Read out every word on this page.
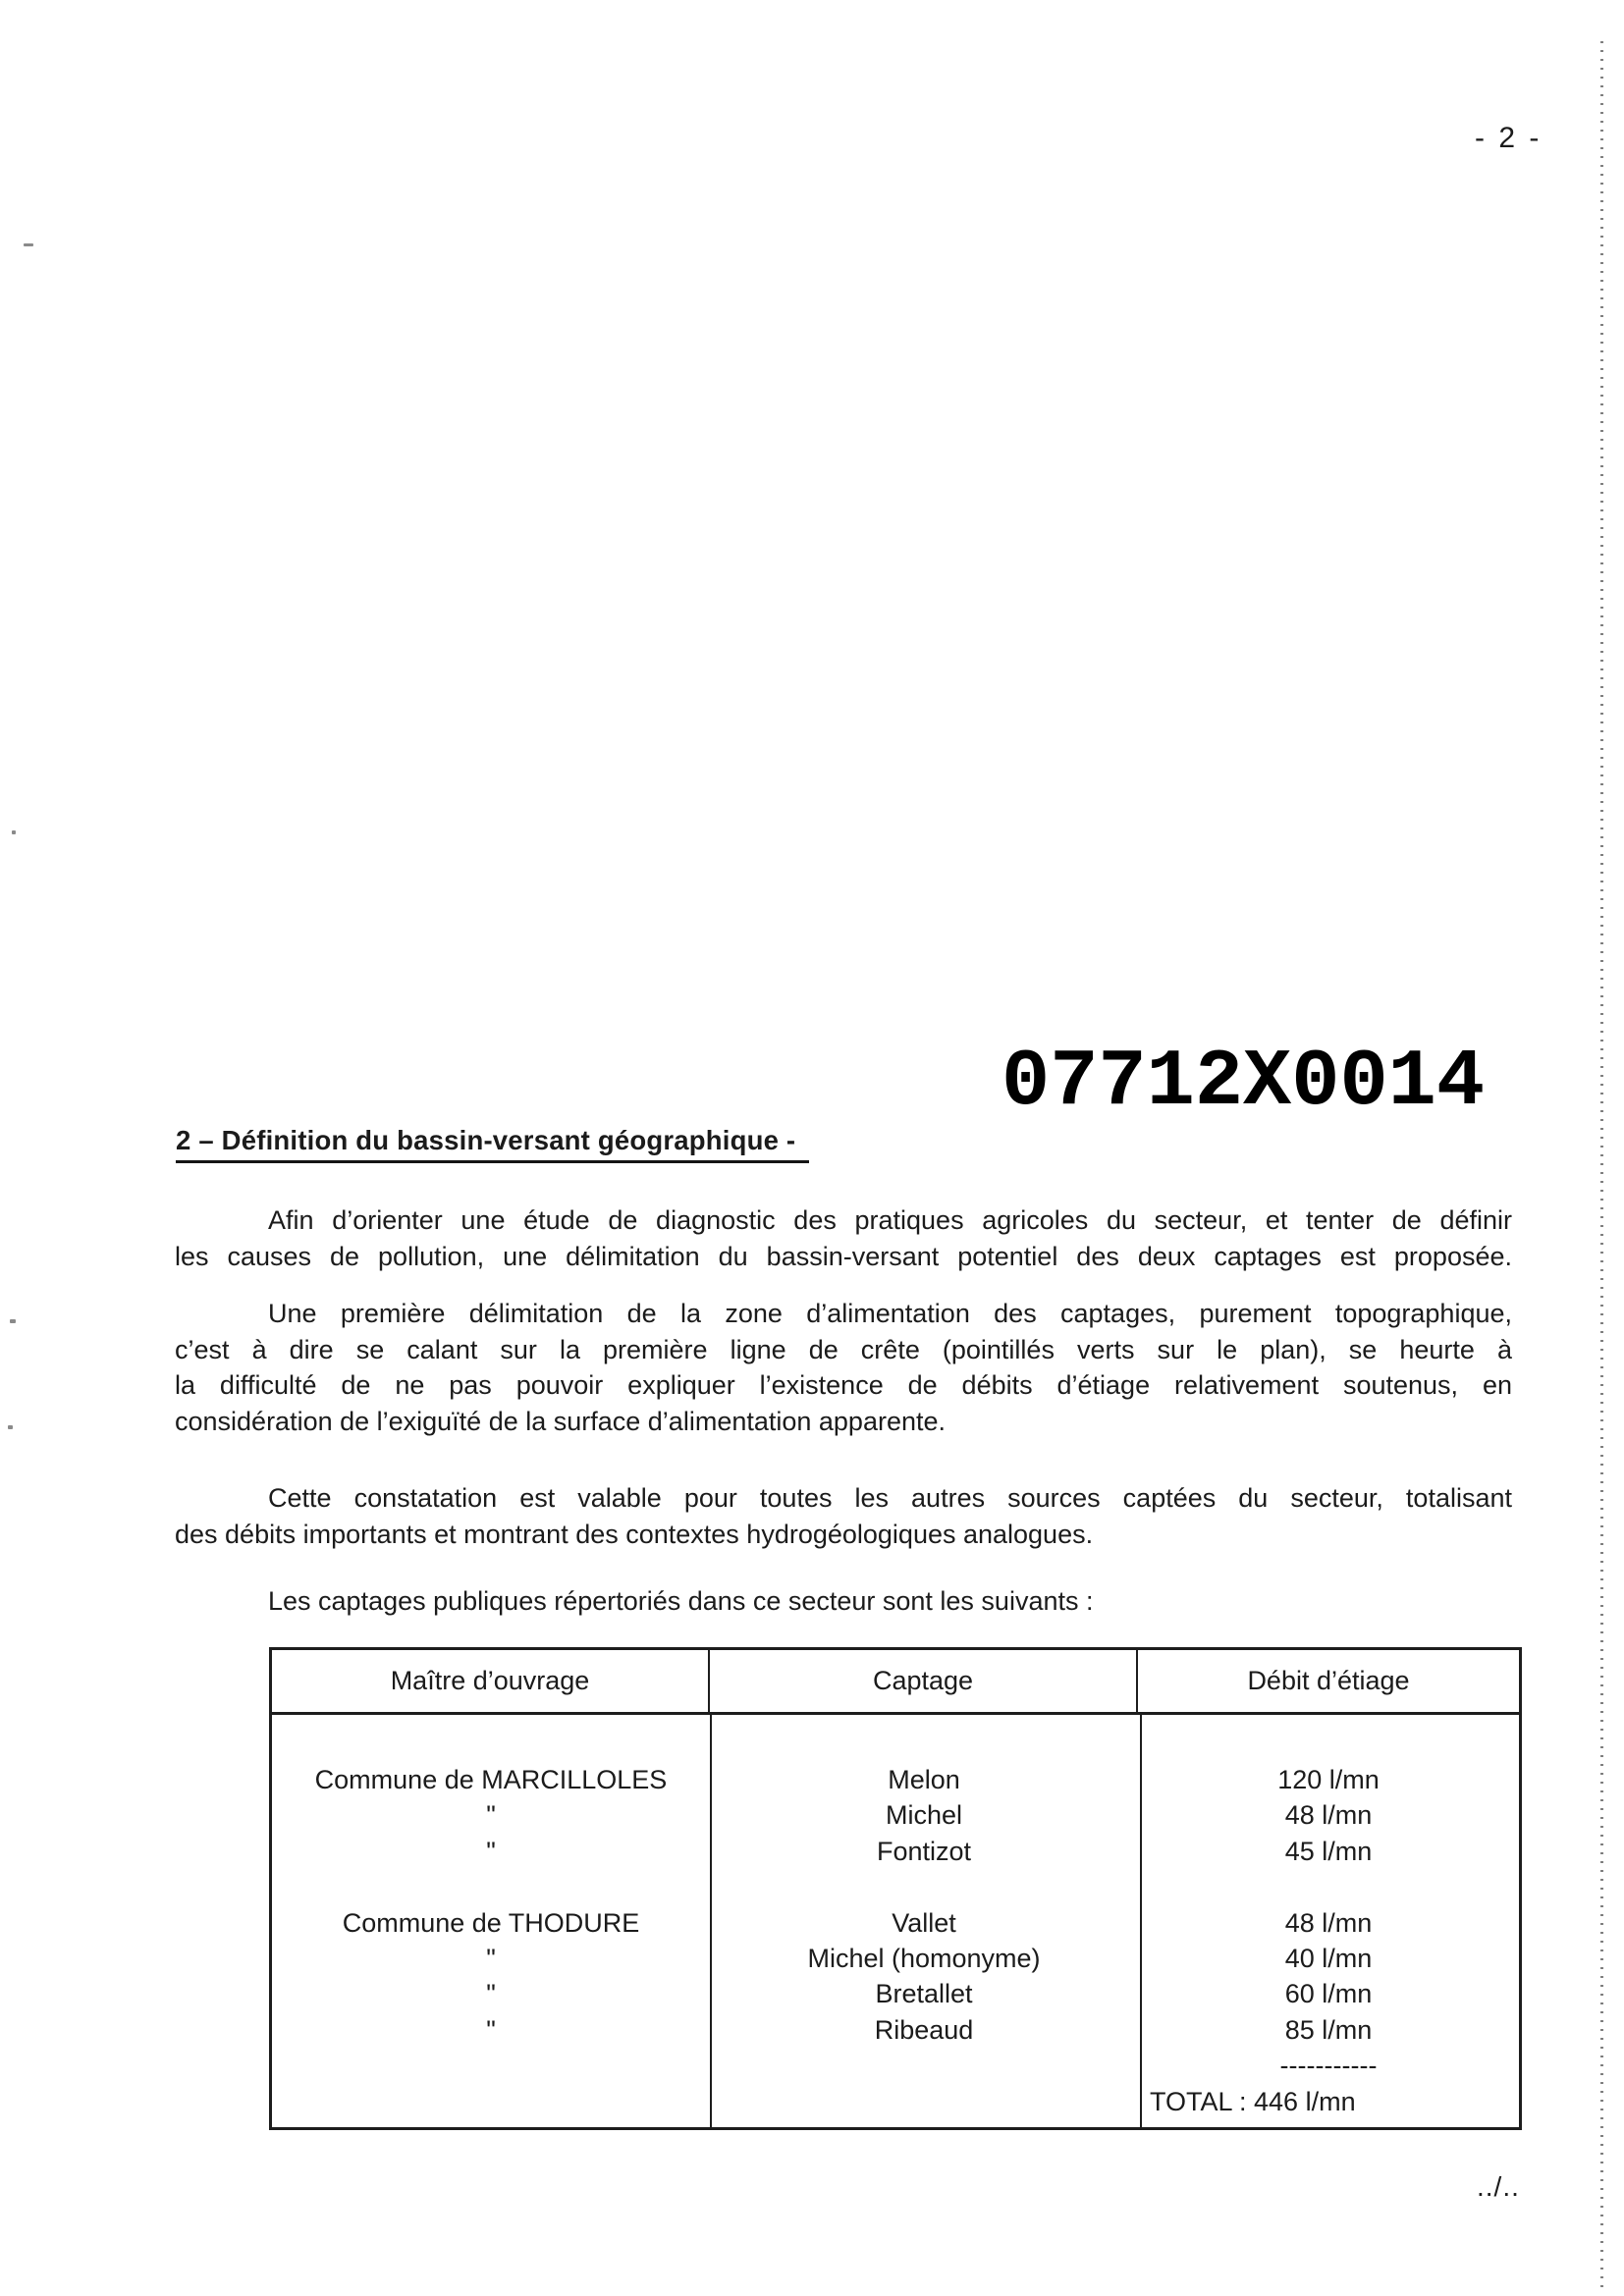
- 2 -
07712X0014
2 – Définition du bassin-versant géographique -
Afin d’orienter une étude de diagnostic des pratiques agricoles du secteur, et tenter de définir
les causes de pollution, une délimitation du bassin-versant potentiel des deux captages est proposée.
Une première délimitation de la zone d’alimentation des captages, purement topographique,
c’est à dire se calant sur la première ligne de crête (pointillés verts sur le plan), se heurte à
la difficulté de ne pas pouvoir expliquer l’existence de débits d’étiage relativement soutenus, en
considération de l’exiguïté de la surface d’alimentation apparente.
Cette constatation est valable pour toutes les autres sources captées du secteur, totalisant
des débits importants et montrant des contextes hydrogéologiques analogues.
Les captages publiques répertoriés dans ce secteur sont les suivants :
Maître d’ouvrage	Captage	Débit d’étiage
Commune de MARCILLOLES	Melon	120 l/mn
"	Michel	48 l/mn
"	Fontizot	45 l/mn
Commune de THODURE	Vallet	48 l/mn
"	Michel (homonyme)	40 l/mn
"	Bretallet	60 l/mn
"	Ribeaud	85 l/mn
-----------
TOTAL : 446 l/mn
../..
